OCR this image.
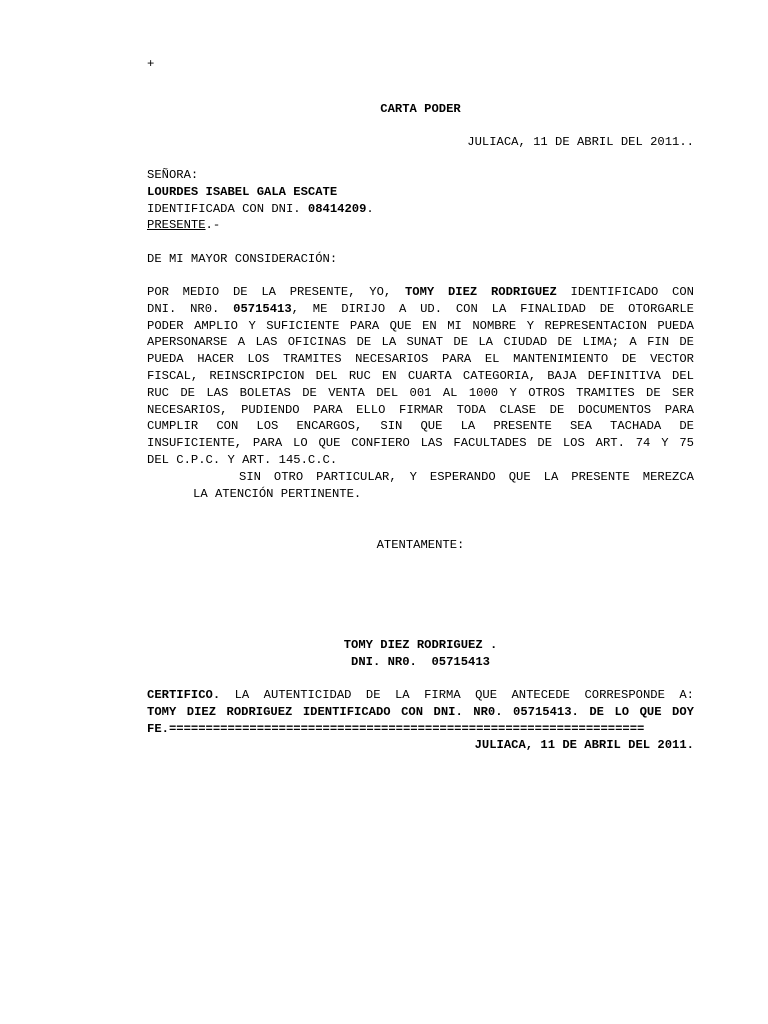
+
CARTA PODER
JULIACA, 11 DE ABRIL DEL 2011..
SEÑORA:
LOURDES ISABEL GALA ESCATE
IDENTIFICADA CON DNI. 08414209.
PRESENTE.-
DE MI MAYOR CONSIDERACIÓN:
POR MEDIO DE LA PRESENTE, YO, TOMY DIEZ RODRIGUEZ IDENTIFICADO CON
DNI. NR0. 05715413, ME DIRIJO A UD. CON LA FINALIDAD DE OTORGARLE
PODER AMPLIO Y SUFICIENTE PARA QUE EN MI NOMBRE Y REPRESENTACION PUEDA
APERSONARSE A LAS OFICINAS DE LA SUNAT DE LA CIUDAD DE LIMA; A FIN DE
PUEDA HACER LOS TRAMITES NECESARIOS PARA EL MANTENIMIENTO DE VECTOR
FISCAL, REINSCRIPCION DEL RUC EN CUARTA CATEGORIA, BAJA DEFINITIVA DEL
RUC DE LAS BOLETAS DE VENTA DEL 001 AL 1000 Y OTROS TRAMITES DE SER
NECESARIOS, PUDIENDO PARA ELLO FIRMAR TODA CLASE DE DOCUMENTOS PARA
CUMPLIR CON LOS ENCARGOS, SIN QUE LA PRESENTE SEA TACHADA DE
INSUFICIENTE, PARA LO QUE CONFIERO LAS FACULTADES DE LOS ART. 74 Y 75
DEL C.P.C. Y ART. 145.C.C.
SIN OTRO PARTICULAR, Y ESPERANDO QUE LA PRESENTE MEREZCA
LA ATENCIÓN PERTINENTE.
ATENTAMENTE:
TOMY DIEZ RODRIGUEZ .
DNI. NR0.  05715413
CERTIFICO. LA AUTENTICIDAD DE LA FIRMA QUE ANTECEDE CORRESPONDE A:
TOMY DIEZ RODRIGUEZ IDENTIFICADO CON DNI. NR0. 05715413. DE LO QUE DOY
FE.=================================================================
JULIACA, 11 DE ABRIL DEL 2011.
